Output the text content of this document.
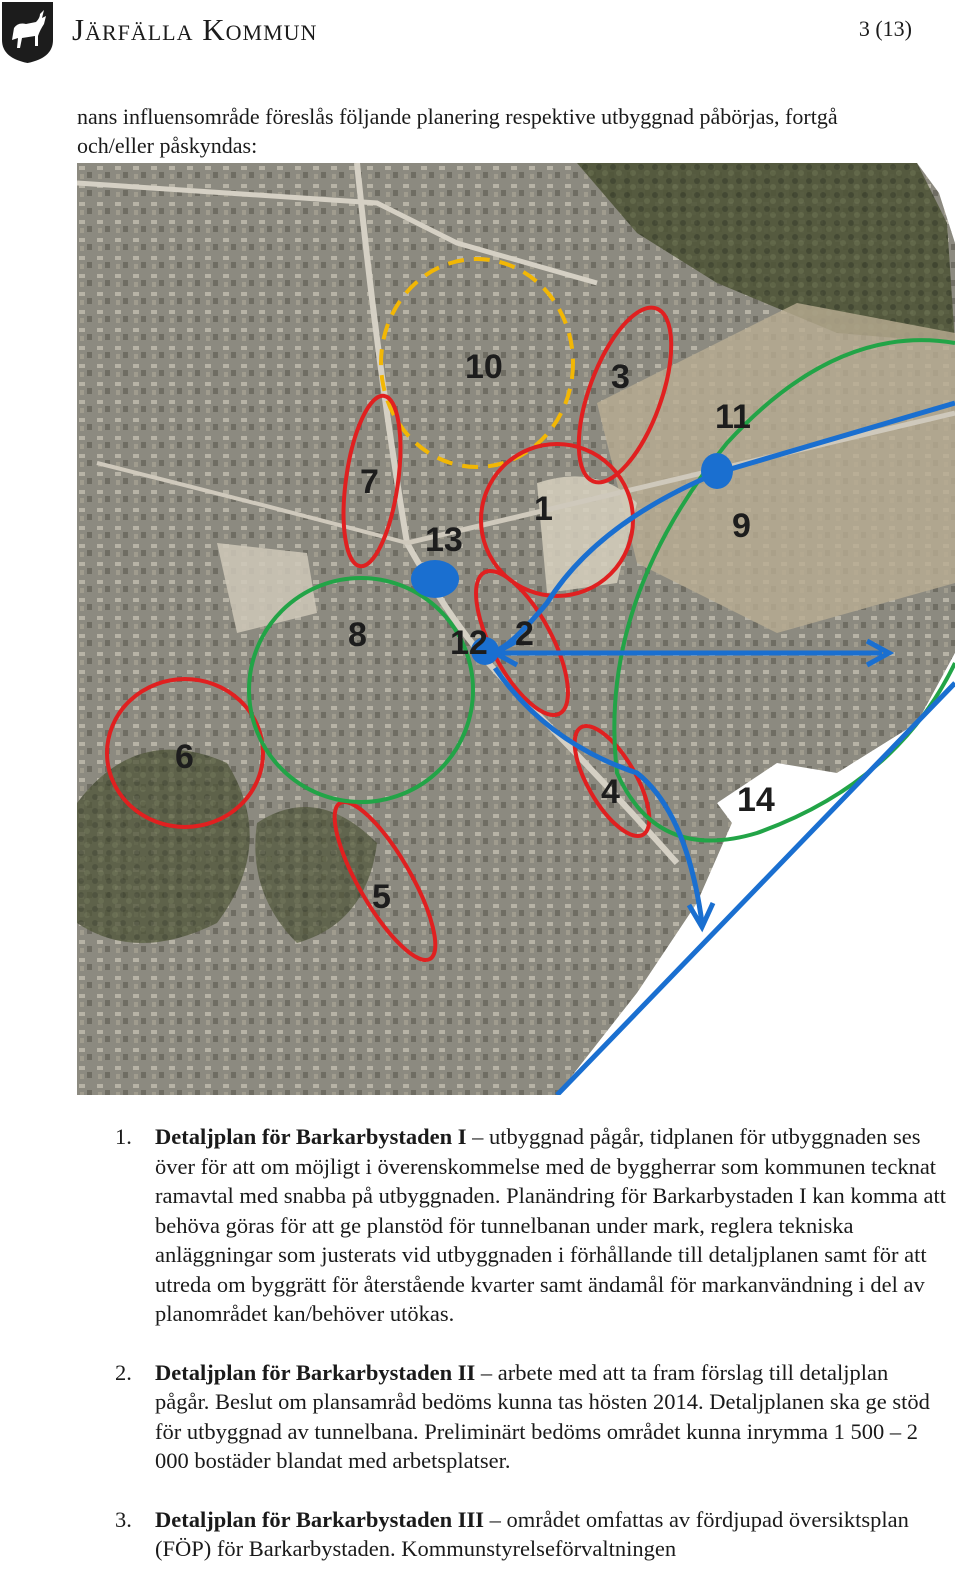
Järfälla Kommun	3 (13)
nans influensområde föreslås följande planering respektive utbyggnad påbörjas, fortgå och/eller påskyndas:
10	3
11
7
1	9
13
8 12 2
6
4	14
5
1. Detaljplan för Barkarbystaden I – utbyggnad pågår, tidplanen för utbyggnaden ses över för att om möjligt i överenskommelse med de byggherrar som kommunen tecknat ramavtal med snabba på utbyggnaden. Planändring för Barkarbystaden I kan komma att behöva göras för att ge planstöd för tunnelbanan under mark, reglera tekniska anläggningar som justerats vid utbyggnaden i förhållande till detaljplanen samt för att utreda om byggrätt för återstående kvarter samt ändamål för markanvändning i del av planområdet kan/behöver utökas.
2. Detaljplan för Barkarbystaden II – arbete med att ta fram förslag till detaljplan pågår. Beslut om plansamråd bedöms kunna tas hösten 2014. Detaljplanen ska ge stöd för utbyggnad av tunnelbana. Preliminärt bedöms området kunna inrymma 1 500 – 2 000 bostäder blandat med arbetsplatser.
3. Detaljplan för Barkarbystaden III – området omfattas av fördjupad översiktsplan (FÖP) för Barkarbystaden. Kommunstyrelseförvaltningen
